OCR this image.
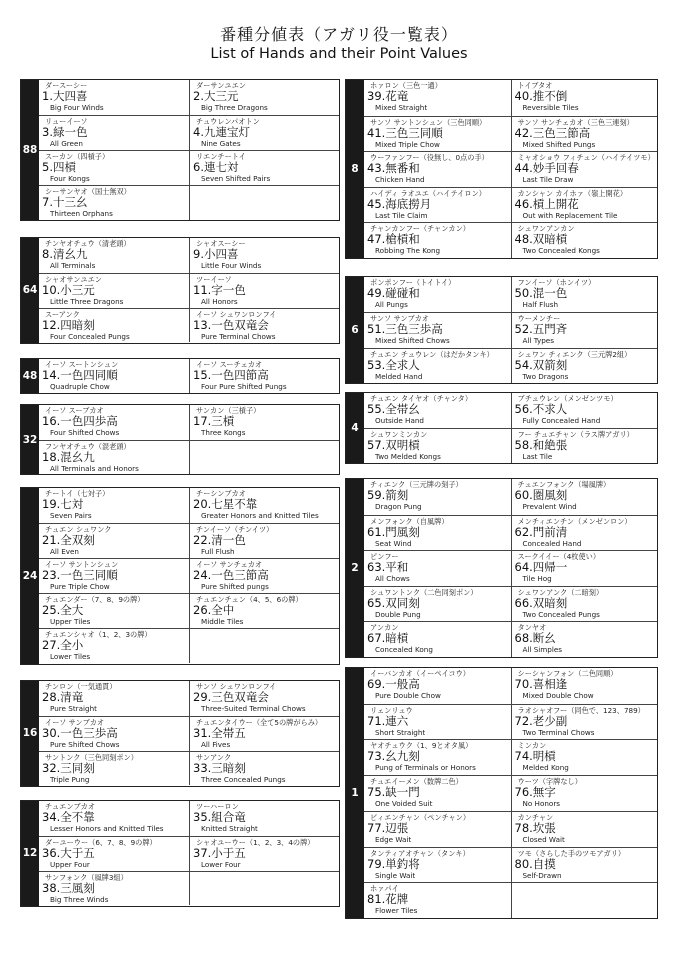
番種分値表（アガリ役一覧表）
List of Hands and their Point Values
88
ダースーシー
1.大四喜
Big Four Winds
ダーサンユエン
2.大三元
Big Three Dragons
リューイーソ
3.緑一色
All Green
チュウレンパオトン
4.九連宝灯
Nine Gates
スーカン（四槓子）
5.四槓
Four Kongs
リエンチートイ
6.連七対
Seven Shifted Pairs
シーサンヤオ（国士無双）
7.十三幺
Thirteen Orphans
64
チンヤオチュウ（清老頭）
8.清幺九
All Terminals
シャオスーシー
9.小四喜
Little Four Winds
シャオサンユエン
10.小三元
Little Three Dragons
ツーイーソ
11.字一色
All Honors
スーアンク
12.四暗刻
Four Concealed Pungs
イーソ シュワンロンフイ
13.一色双竜会
Pure Terminal Chows
48
イーソ スートンシュン
14.一色四同順
Quadruple Chow
イーソ スーチェカオ
15.一色四節高
Four Pure Shifted Pungs
32
イーソ スーブカオ
16.一色四歩高
Four Shifted Chows
サンカン（三槓子）
17.三槓
Three Kongs
フンヤオチュウ（混老頭）
18.混幺九
All Terminals and Honors
24
チートイ（七対子）
19.七対
Seven Pairs
チーシンブカオ
20.七星不靠
Greater Honors and Knitted Tiles
チュエン シュワンク
21.全双刻
All Even
チンイーソ（チンイツ）
22.清一色
Full Flush
イーソ サントンシュン
23.一色三同順
Pure Triple Chow
イーソ サンチェカオ
24.一色三節高
Pure Shifted pungs
チュエンダー（7、8、9の牌）
25.全大
Upper Tiles
チュエンチュン（4、5、6の牌）
26.全中
Middle Tiles
チュエンシャオ（1、2、3の牌）
27.全小
Lower Tiles
16
チンロン（一気通貫）
28.清竜
Pure Straight
サンソ シュワンロンフイ
29.三色双竜会
Three-Suited Terminal Chows
イーソ サンブカオ
30.一色三歩高
Pure Shifted Chows
チュエンタイウー（全て5の牌がらみ）
31.全帯五
All Fives
サントンク（三色同刻ポン）
32.三同刻
Triple Pung
サンアンク
33.三暗刻
Three Concealed Pungs
12
チュエンブカオ
34.全不靠
Lesser Honors and Knitted Tiles
ツーハーロン
35.組合竜
Knitted Straight
ダーユーウー（6、7、8、9の牌）
36.大于五
Upper Four
シャオユーウー（1、2、3、4の牌）
37.小于五
Lower Four
サンフォンク（風牌3組）
38.三風刻
Big Three Winds
8
ホァロン（三色一通）
39.花竜
Mixed Straight
トイブタオ
40.推不倒
Reversible Tiles
サンソ サントンシュン（三色同順）
41.三色三同順
Mixed Triple Chow
サンソ サンチェカオ（三色三連刻）
42.三色三節高
Mixed Shifted Pungs
ウーファンフー（役無し、0点の手）
43.無番和
Chicken Hand
ミャオショウ フィチュン（ハイテイツモ）
44.妙手回春
Last Tile Draw
ハイディ ラオユエ（ハイテイロン）
45.海底撈月
Last Tile Claim
カンシャン カイホァ（嶺上開花）
46.槓上開花
Out with Replacement Tile
チャンカンフー（チャンカン）
47.槍槓和
Robbing The Kong
シュワンアンカン
48.双暗槓
Two Concealed Kongs
6
ポンポンフー（トイトイ）
49.碰碰和
All Pungs
フンイーソ（ホンイツ）
50.混一色
Half Flush
サンソ サンブカオ
51.三色三歩高
Mixed Shifted Chows
ウーメンチー
52.五門斉
All Types
チュエン チュウレン（はだかタンキ）
53.全求人
Melded Hand
シュワン チィエンク（三元牌2組）
54.双箭刻
Two Dragons
4
チュエン タイヤオ（チャンタ）
55.全帯幺
Outside Hand
ブチュウレン（メンゼンツモ）
56.不求人
Fully Concealed Hand
シュワンミンカン
57.双明槓
Two Melded Kongs
フー チュエチャン（ラス牌アガリ）
58.和絶張
Last Tile
2
チィエンク（三元牌の刻子）
59.箭刻
Dragon Pung
チュエンフォンク（場風牌）
60.圏風刻
Prevalent Wind
メンフォンク（自風牌）
61.門風刻
Seat Wind
メンチィエンチン（メンゼンロン）
62.門前清
Concealed Hand
ピンフー
63.平和
All Chows
スークイイー（4枚使い）
64.四帰一
Tile Hog
シュワントンク（二色同刻ポン）
65.双同刻
Double Pung
シュワンアンク（二暗刻）
66.双暗刻
Two Concealed Pungs
アンカン
67.暗槓
Concealed Kong
タンヤオ
68.断幺
All Simples
1
イーバンカオ（イーペイコウ）
69.一般高
Pure Double Chow
シーシャンフォン（二色同順）
70.喜相逢
Mixed Double Chow
リェンリュウ
71.連六
Short Straight
ラオシャオフー（同色で、123、789）
72.老少副
Two Terminal Chows
ヤオチュウク（1、9とオタ風）
73.幺九刻
Pung of Terminals or Honors
ミンカン
74.明槓
Melded Kong
チュエイーメン（数牌二色）
75.缺一門
One Voided Suit
ウーツ（字牌なし）
76.無字
No Honors
ビィエンチャン（ペンチャン）
77.辺張
Edge Wait
カンチャン
78.坎張
Closed Wait
タンティアオチャン（タンキ）
79.単釣将
Single Wait
ツモ（さらした手のツモアガリ）
80.自摸
Self-Drawn
ホァパイ
81.花牌
Flower Tiles
